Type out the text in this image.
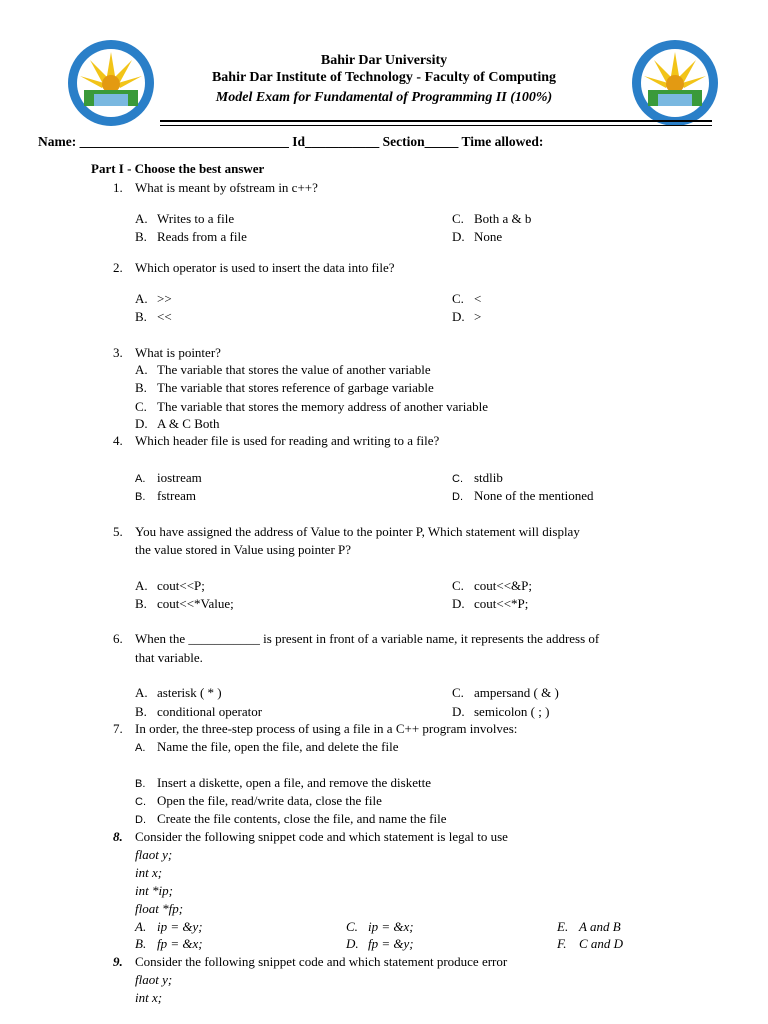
Bahir Dar University
Bahir Dar Institute of Technology - Faculty of Computing
Model Exam for Fundamental of Programming II (100%)
Name: _______________________________ Id___________ Section_____ Time allowed:
Part I - Choose the best answer
1. What is meant by ofstream in c++?
A. Writes to a file
B. Reads from a file
C. Both a & b
D. None
2. Which operator is used to insert the data into file?
A. >>
B. <<
C. <
D. >
3. What is pointer?
A. The variable that stores the value of another variable
B. The variable that stores reference of garbage variable
C. The variable that stores the memory address of another variable
D. A & C Both
4. Which header file is used for reading and writing to a file?
A. iostream
B. fstream
C. stdlib
D. None of the mentioned
5. You have assigned the address of Value to the pointer P, Which statement will display
the value stored in Value using pointer P?
A. cout<<P;
B. cout<<*Value;
C. cout<<&P;
D. cout<<*P;
6. When the ___________ is present in front of a variable name, it represents the address of
that variable.
A. asterisk ( * )
B. conditional operator
C. ampersand ( & )
D. semicolon ( ; )
7. In order, the three-step process of using a file in a C++ program involves:
A. Name the file, open the file, and delete the file
B. Insert a diskette, open a file, and remove the diskette
C. Open the file, read/write data, close the file
D. Create the file contents, close the file, and name the file
8. Consider the following snippet code and which statement is legal to use
flaot y;
int x;
int *ip;
float *fp;
A. ip = &y;
B. fp = &x;
C. ip = &x;
D. fp = &y;
E. A and B
F. C and D
9. Consider the following snippet code and which statement produce error
flaot y;
int x;
